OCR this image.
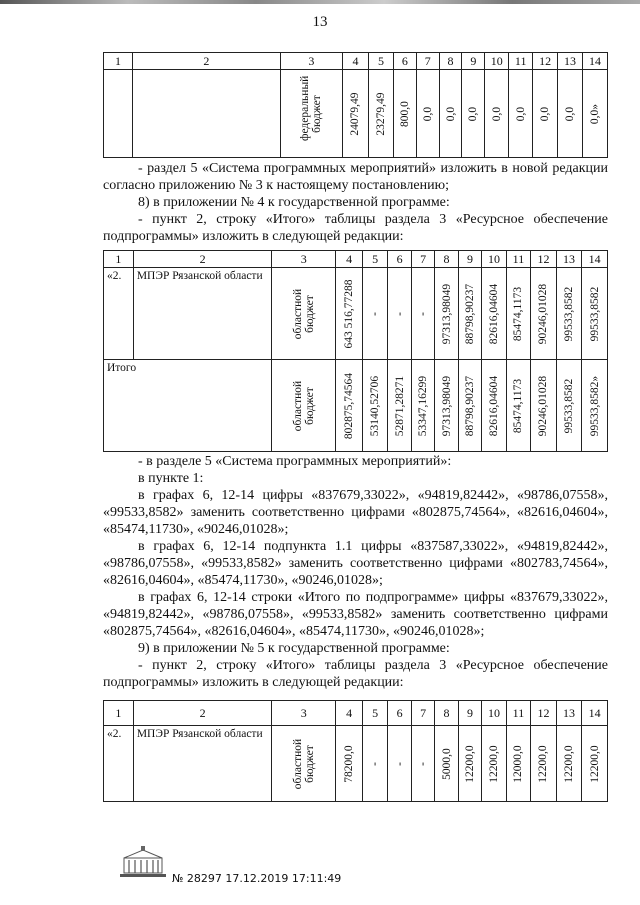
13
1	2	3	4	5	6	7	8	9	10	11	12	13	14

		федеральный бюджет	24079,49	23279,49	800,0	0,0	0,0	0,0	0,0	0,0	0,0	0,0	0,0»

- раздел 5 «Система программных мероприятий» изложить в новой редакции согласно приложению № 3 к настоящему постановлению;

8) в приложении № 4 к государственной программе:

- пункт 2, строку «Итого» таблицы раздела 3 «Ресурсное обеспечение подпрограммы» изложить в следующей редакции:

1	2	3	4	5	6	7	8	9	10	11	12	13	14

«2.	МПЭР Рязанской области	областной бюджет	643 516,77288	-	-	-	97313,98049	88798,90237	82616,04604	85474,1173	90246,01028	99533,8582	99533,8582

Итого		областной бюджет	802875,74564	53140,52706	52871,28271	53347,16299	97313,98049	88798,90237	82616,04604	85474,1173	90246,01028	99533,8582	99533,8582»

- в разделе 5 «Система программных мероприятий»:

в пункте 1:

в графах 6, 12-14 цифры «837679,33022», «94819,82442», «98786,07558», «99533,8582» заменить соответственно цифрами «802875,74564», «82616,04604», «85474,11730», «90246,01028»;

в графах 6, 12-14 подпункта 1.1 цифры «837587,33022», «94819,82442», «98786,07558», «99533,8582» заменить соответственно цифрами «802783,74564», «82616,04604», «85474,11730», «90246,01028»;

в графах 6, 12-14 строки «Итого по подпрограмме» цифры «837679,33022», «94819,82442», «98786,07558», «99533,8582» заменить соответственно цифрами «802875,74564», «82616,04604», «85474,11730», «90246,01028»;

9) в приложении № 5 к государственной программе:

- пункт 2, строку «Итого» таблицы раздела 3 «Ресурсное обеспечение подпрограммы» изложить в следующей редакции:

1	2	3	4	5	6	7	8	9	10	11	12	13	14

«2.	МПЭР Рязанской области	областной бюджет	78200,0	-	-	-	5000,0	12200,0	12200,0	12000,0	12200,0	12200,0	12200,0
№ 28297 17.12.2019 17:11:49
